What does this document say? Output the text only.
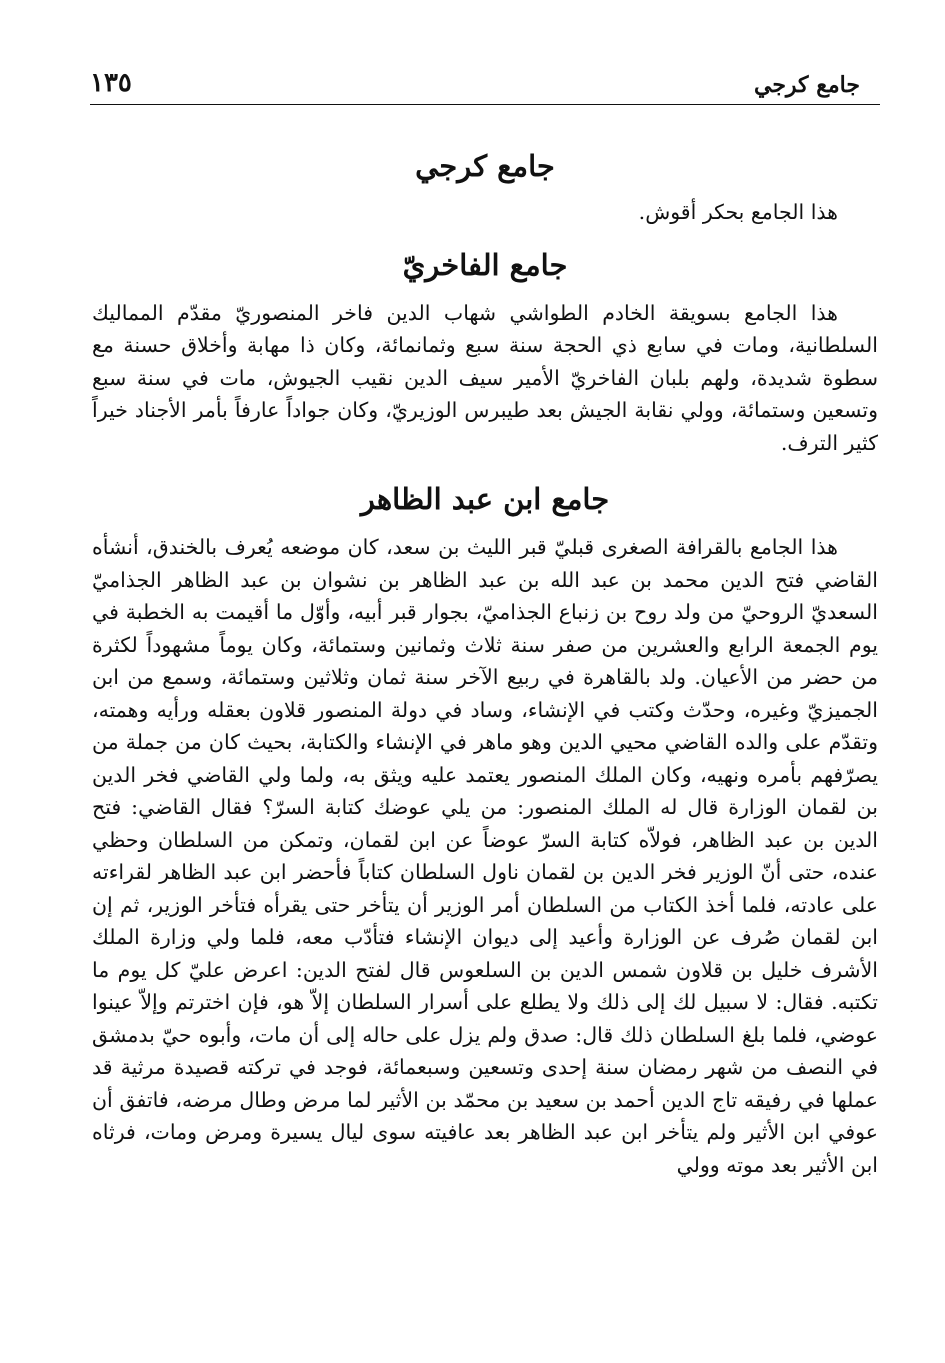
١٣٥	جامع كرجي
جامع كرجي

هذا الجامع بحكر أقوش.

جامع الفاخريّ

هذا الجامع بسويقة الخادم الطواشي شهاب الدين فاخر المنصوريّ مقدّم المماليك السلطانية، ومات في سابع ذي الحجة سنة سبع وثمانمائة، وكان ذا مهابة وأخلاق حسنة مع سطوة شديدة، ولهم بلبان الفاخريّ الأمير سيف الدين نقيب الجيوش، مات في سنة سبع وتسعين وستمائة، وولي نقابة الجيش بعد طيبرس الوزيريّ، وكان جواداً عارفاً بأمر الأجناد خيراً كثير الترف.

جامع ابن عبد الظاهر

هذا الجامع بالقرافة الصغرى قبليّ قبر الليث بن سعد، كان موضعه يُعرف بالخندق، أنشأه القاضي فتح الدين محمد بن عبد الله بن عبد الظاهر بن نشوان بن عبد الظاهر الجذاميّ السعديّ الروحيّ من ولد روح بن زنباع الجذاميّ، بجوار قبر أبيه، وأوّل ما أقيمت به الخطبة في يوم الجمعة الرابع والعشرين من صفر سنة ثلاث وثمانين وستمائة، وكان يوماً مشهوداً لكثرة من حضر من الأعيان. ولد بالقاهرة في ربيع الآخر سنة ثمان وثلاثين وستمائة، وسمع من ابن الجميزيّ وغيره، وحدّث وكتب في الإنشاء، وساد في دولة المنصور قلاون بعقله ورأيه وهمته، وتقدّم على والده القاضي محيي الدين وهو ماهر في الإنشاء والكتابة، بحيث كان من جملة من يصرّفهم بأمره ونهيه، وكان الملك المنصور يعتمد عليه ويثق به، ولما ولي القاضي فخر الدين بن لقمان الوزارة قال له الملك المنصور: من يلي عوضك كتابة السرّ؟ فقال القاضي: فتح الدين بن عبد الظاهر، فولاّه كتابة السرّ عوضاً عن ابن لقمان، وتمكن من السلطان وحظي عنده، حتى أنّ الوزير فخر الدين بن لقمان ناول السلطان كتاباً فأحضر ابن عبد الظاهر لقراءته على عادته، فلما أخذ الكتاب من السلطان أمر الوزير أن يتأخر حتى يقرأه فتأخر الوزير، ثم إن ابن لقمان صُرف عن الوزارة وأعيد إلى ديوان الإنشاء فتأدّب معه، فلما ولي وزارة الملك الأشرف خليل بن قلاون شمس الدين بن السلعوس قال لفتح الدين: اعرض عليّ كل يوم ما تكتبه. فقال: لا سبيل لك إلى ذلك ولا يطلع على أسرار السلطان إلاّ هو، فإن اخترتم وإلاّ عينوا عوضي، فلما بلغ السلطان ذلك قال: صدق ولم يزل على حاله إلى أن مات، وأبوه حيّ بدمشق في النصف من شهر رمضان سنة إحدى وتسعين وسبعمائة، فوجد في تركته قصيدة مرثية قد عملها في رفيقه تاج الدين أحمد بن سعيد بن محمّد بن الأثير لما مرض وطال مرضه، فاتفق أن عوفي ابن الأثير ولم يتأخر ابن عبد الظاهر بعد عافيته سوى ليال يسيرة ومرض ومات، فرثاه ابن الأثير بعد موته وولي
